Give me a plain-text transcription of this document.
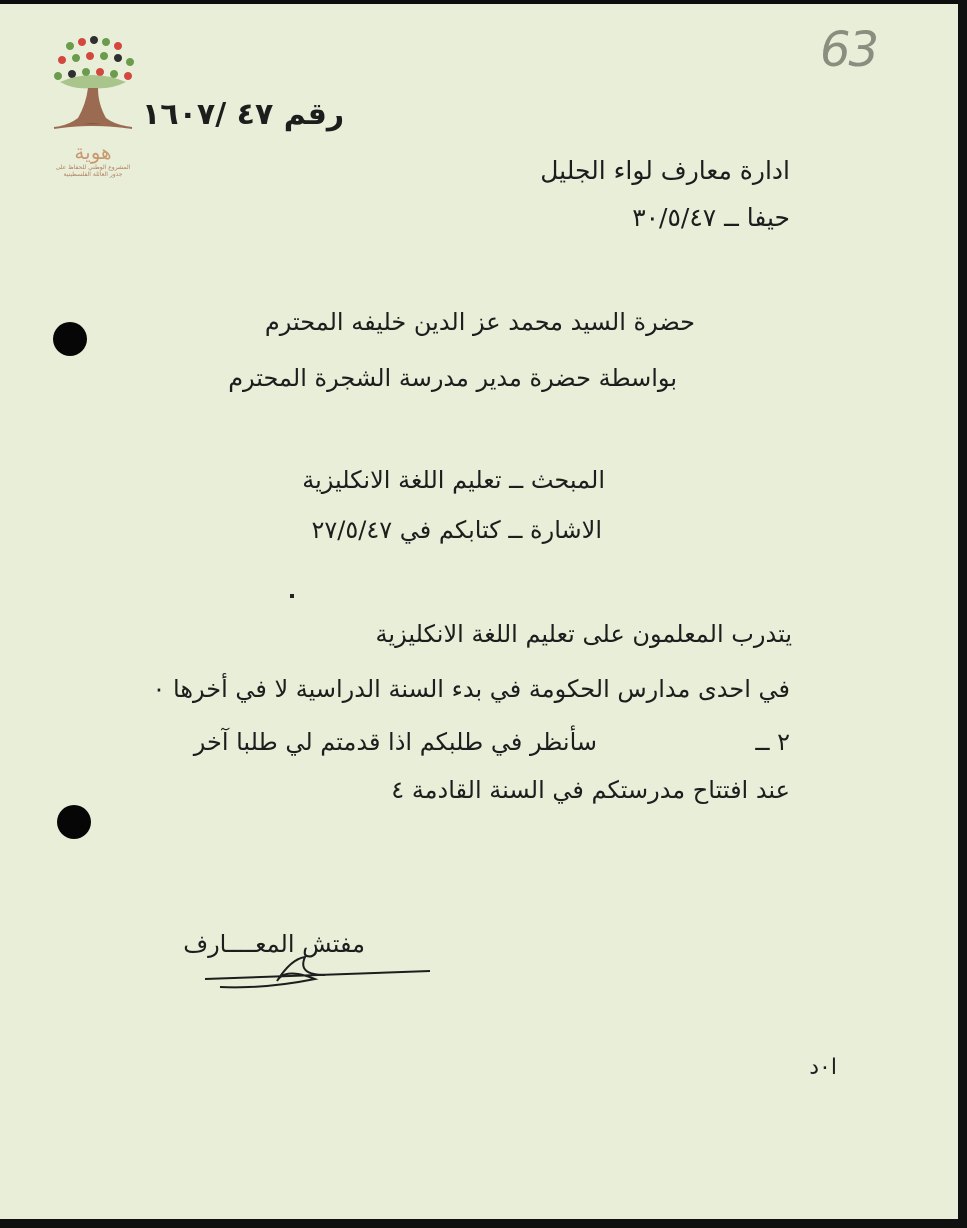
هوية
المشروع الوطني للحفاظ على
جذور العائلة الفلسطينية
63
رقم ٤٧ /١٦٠٧
ادارة معارف لواء الجليل
حيفا ــ ٣٠/٥/٤٧
حضرة السيد محمد عز الدين خليفه المحترم
بواسطة حضرة مدير مدرسة الشجرة المحترم
المبحث ــ تعليم اللغة الانكليزية
الاشارة ــ كتابكم في ٢٧/٥/٤٧
يتدرب المعلمون على تعليم اللغة الانكليزية
في احدى مدارس الحكومة في بدء السنة الدراسية لا في أخرها ٠
٢ ــ
سأنظر في طلبكم اذا قدمتم لي طلبا آخر
عند افتتاح مدرستكم في السنة القادمة ٤
مفتش المعــــارف
ا٠د
